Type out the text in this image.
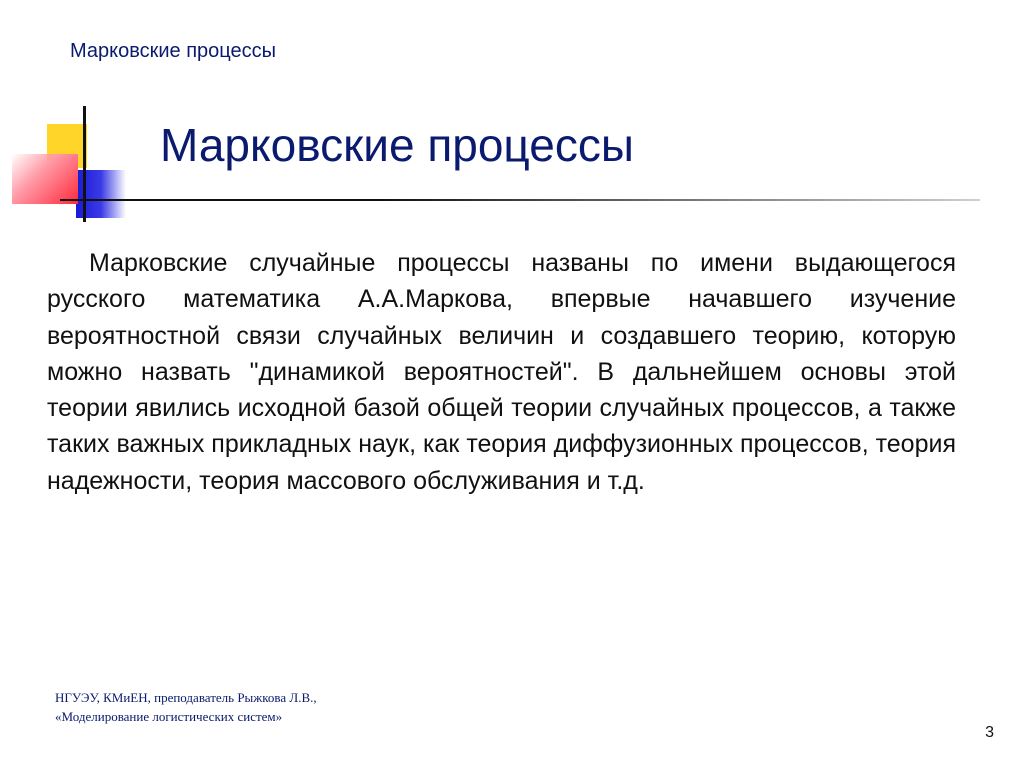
Марковские процессы
Марковские процессы

Марковские случайные процессы названы по имени выдающегося русского математика А.А.Маркова, впервые начавшего изучение вероятностной связи случайных величин и создавшего теорию, которую можно назвать "динамикой вероятностей". В дальнейшем основы этой теории явились исходной базой общей теории случайных процессов, а также таких важных прикладных наук, как теория диффузионных процессов, теория надежности, теория массового обслуживания и т.д.

НГУЭУ, КМиЕН, преподаватель Рыжкова Л.В.,
«Моделирование логистических систем»
3
